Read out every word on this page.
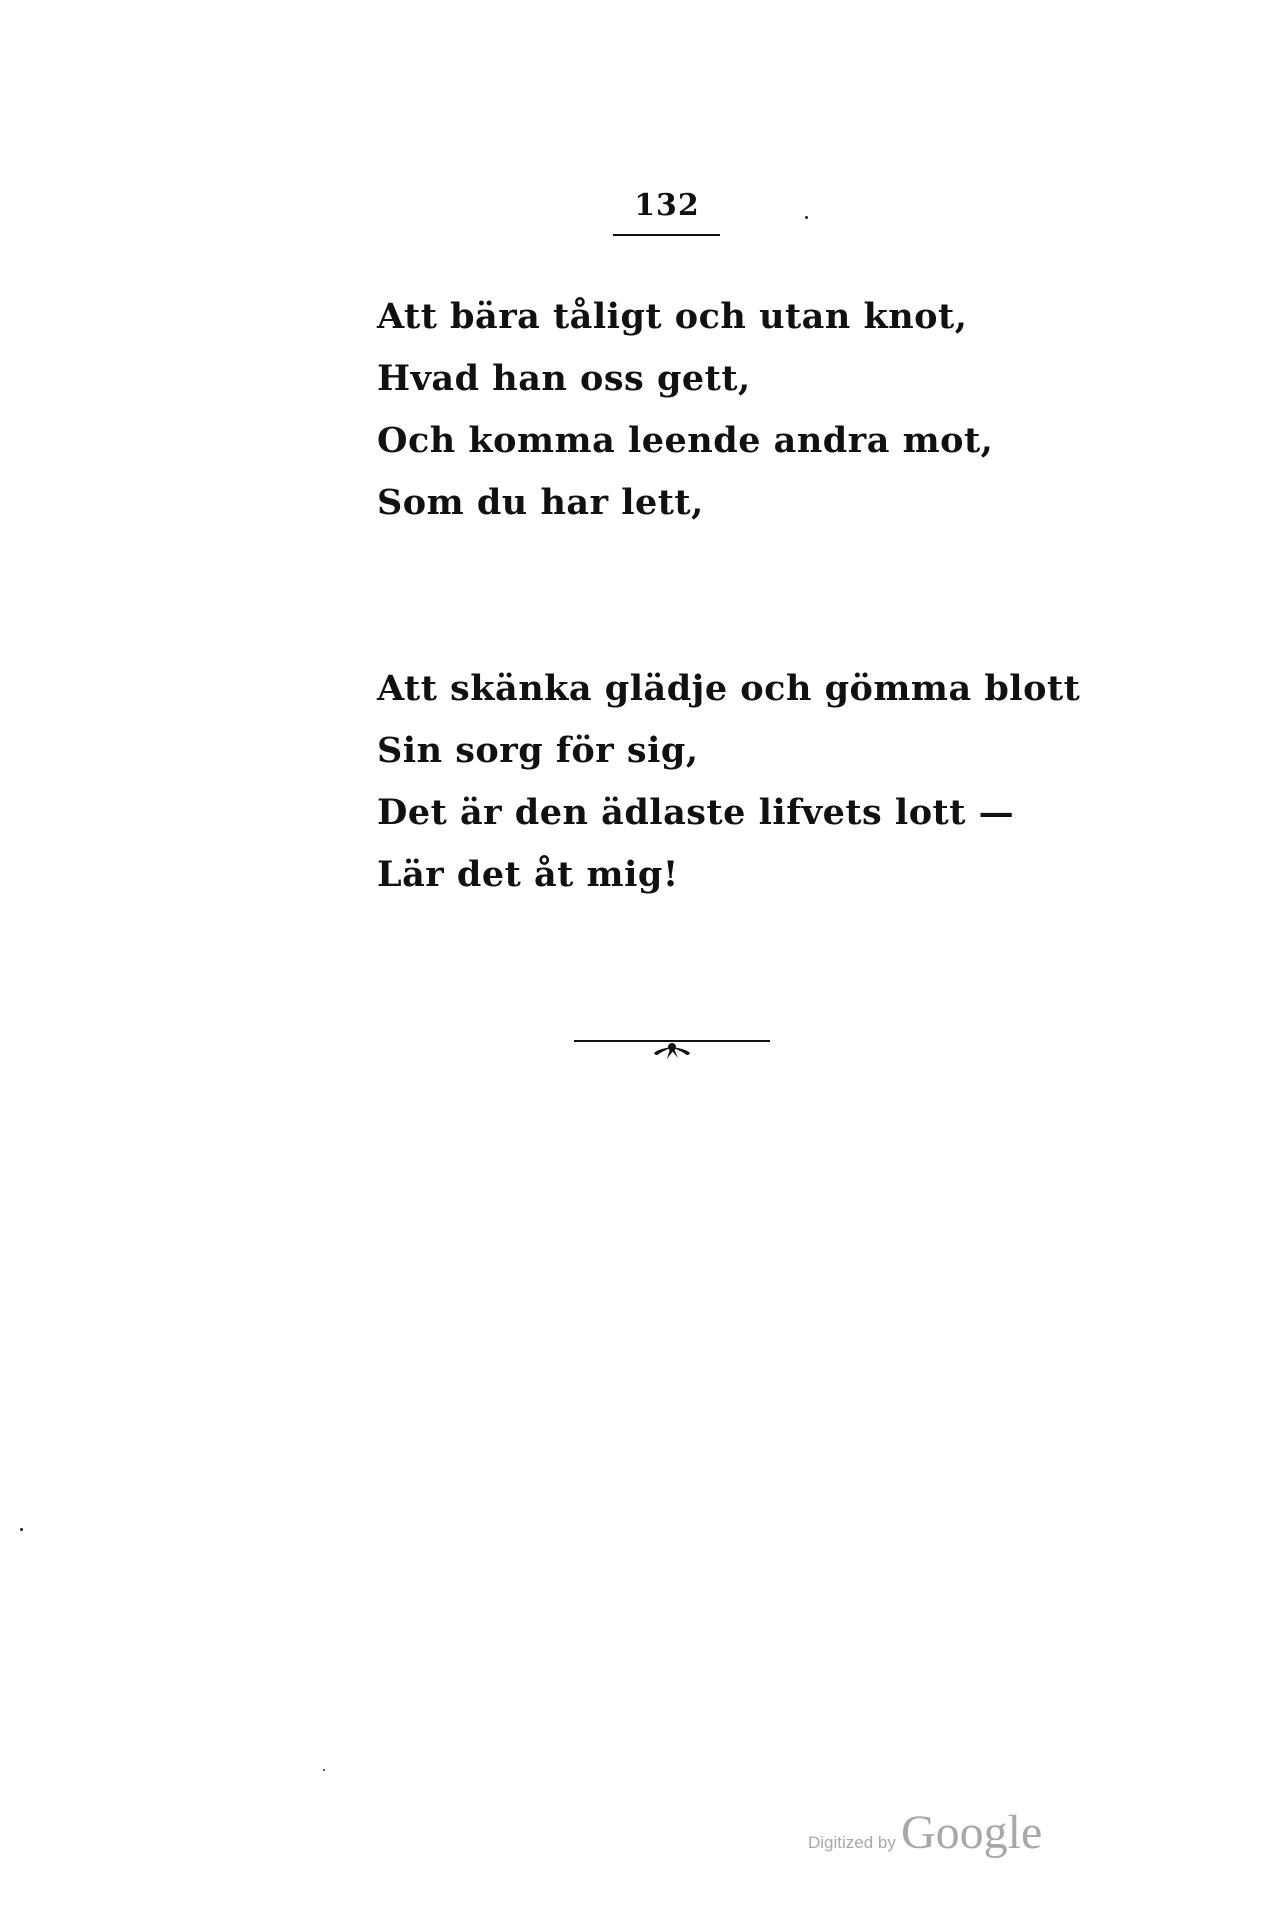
132
Att bära tåligt och utan knot,
Hvad han oss gett,
Och komma leende andra mot,
Som du har lett,
Att skänka glädje och gömma blott
Sin sorg för sig,
Det är den ädlaste lifvets lott —
Lär det åt mig!
Digitized by Google
